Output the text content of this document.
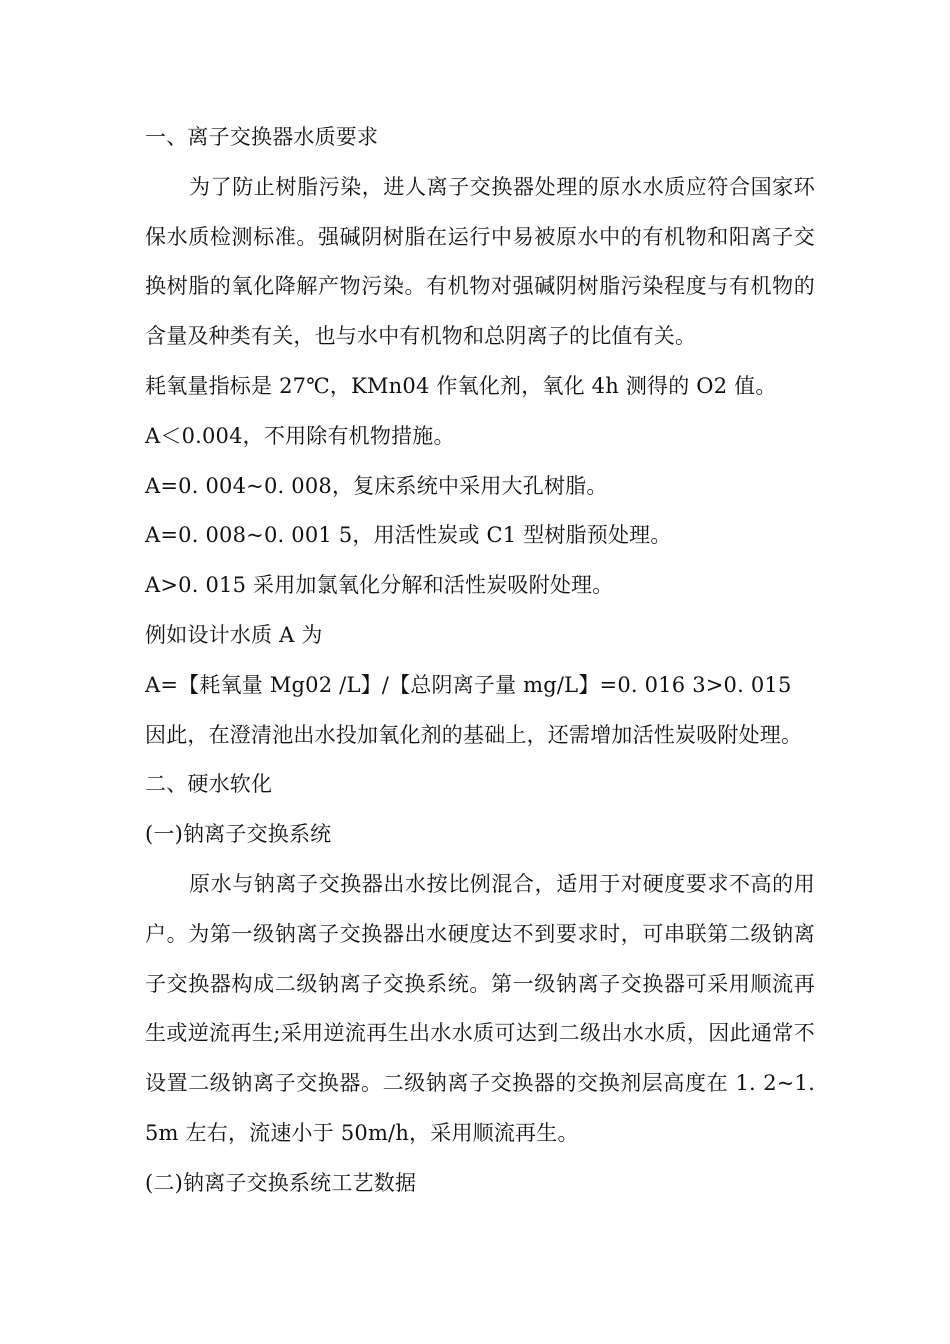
一、离子交换器水质要求
为了防止树脂污染，进人离子交换器处理的原水水质应符合国家环保水质检测标准。强碱阴树脂在运行中易被原水中的有机物和阳离子交换树脂的氧化降解产物污染。有机物对强碱阴树脂污染程度与有机物的含量及种类有关，也与水中有机物和总阴离子的比值有关。
耗氧量指标是 27℃，KMn04 作氧化剂，氧化 4h 测得的 O2 值。
A＜0.004，不用除有机物措施。
A=0. 004~0. 008，复床系统中采用大孔树脂。
A=0. 008~0. 001 5，用活性炭或 C1 型树脂预处理。
A>0. 015 采用加氯氧化分解和活性炭吸附处理。
例如设计水质 A 为
A=【耗氧量 Mg02 /L】/【总阴离子量 mg/L】=0. 016 3>0. 015
因此，在澄清池出水投加氧化剂的基础上，还需增加活性炭吸附处理。
二、硬水软化
(一)钠离子交换系统
原水与钠离子交换器出水按比例混合，适用于对硬度要求不高的用户。为第一级钠离子交换器出水硬度达不到要求时，可串联第二级钠离子交换器构成二级钠离子交换系统。第一级钠离子交换器可采用顺流再生或逆流再生;采用逆流再生出水水质可达到二级出水水质，因此通常不设置二级钠离子交换器。二级钠离子交换器的交换剂层高度在 1. 2~1. 5m 左右，流速小于 50m/h，采用顺流再生。
(二)钠离子交换系统工艺数据
